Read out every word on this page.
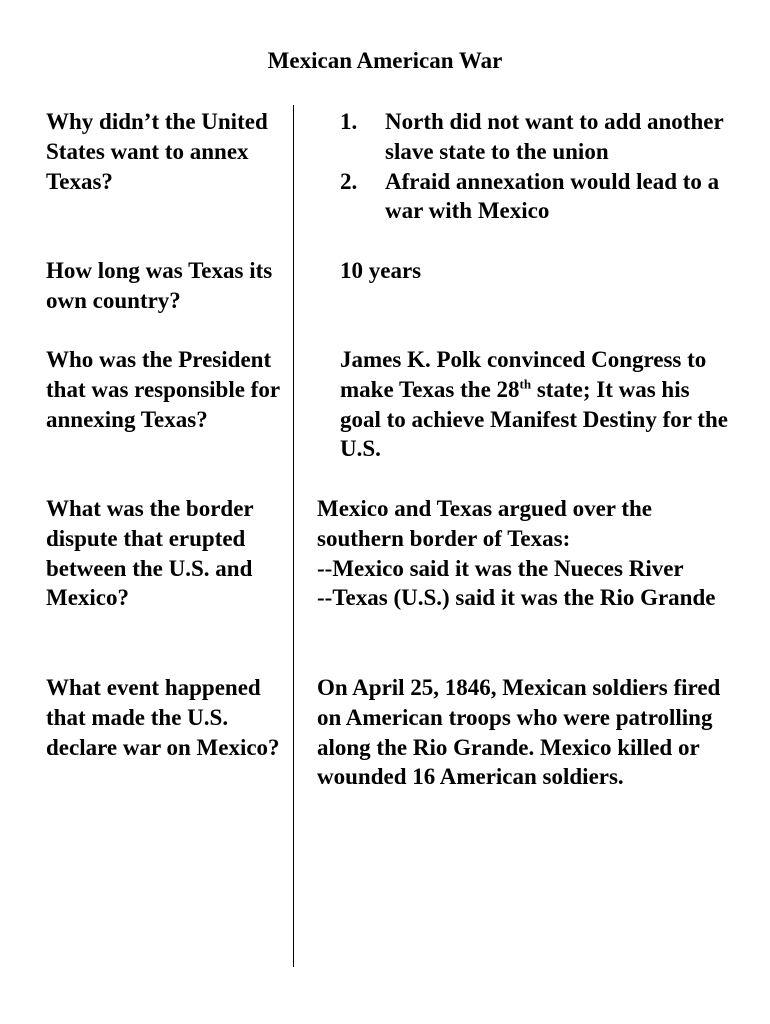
Mexican American War
Why didn’t the United States want to annex Texas?
1.	North did not want to add another slave state to the union
2.	Afraid annexation would lead to a war with Mexico
How long was Texas its own country?
10 years
Who was the President that was responsible for annexing Texas?
James K. Polk convinced Congress to make Texas the 28th state; It was his goal to achieve Manifest Destiny for the U.S.
What was the border dispute that erupted between the U.S. and Mexico?

Mexico and Texas argued over the southern border of Texas:

--Mexico said it was the Nueces River

--Texas (U.S.) said it was the Rio Grande

What event happened that made the U.S. declare war on Mexico?
On April 25, 1846, Mexican soldiers fired on American troops who were patrolling along the Rio Grande. Mexico killed or wounded 16 American soldiers.
